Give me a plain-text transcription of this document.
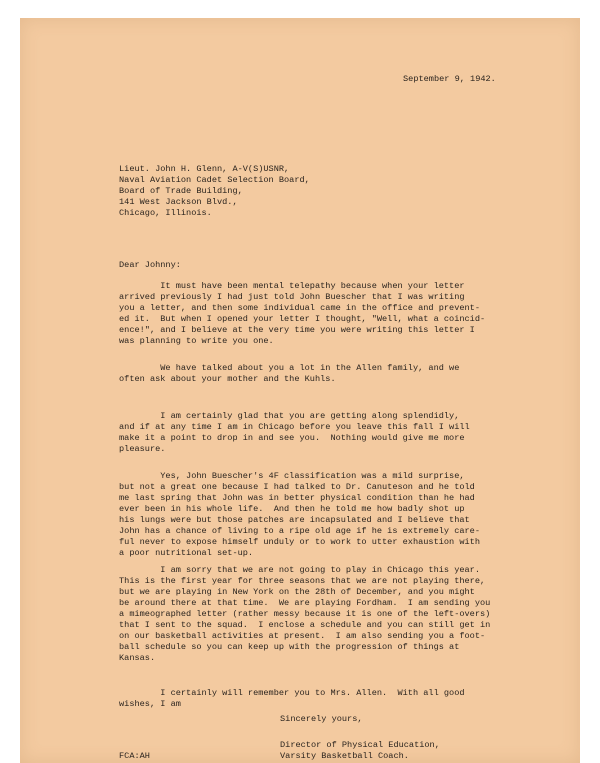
September 9, 1942.

Lieut. John H. Glenn, A-V(S)USNR,
Naval Aviation Cadet Selection Board,
Board of Trade Building,
141 West Jackson Blvd.,
Chicago, Illinois.

Dear Johnny:

It must have been mental telepathy because when your letter
arrived previously I had just told John Buescher that I was writing
you a letter, and then some individual came in the office and prevent-
ed it.  But when I opened your letter I thought, "Well, what a coincid-
ence!", and I believe at the very time you were writing this letter I
was planning to write you one.

We have talked about you a lot in the Allen family, and we
often ask about your mother and the Kuhls.

I am certainly glad that you are getting along splendidly,
and if at any time I am in Chicago before you leave this fall I will
make it a point to drop in and see you.  Nothing would give me more
pleasure.

Yes, John Buescher's 4F classification was a mild surprise,
but not a great one because I had talked to Dr. Canuteson and he told
me last spring that John was in better physical condition than he had
ever been in his whole life.  And then he told me how badly shot up
his lungs were but those patches are incapsulated and I believe that
John has a chance of living to a ripe old age if he is extremely care-
ful never to expose himself unduly or to work to utter exhaustion with
a poor nutritional set-up.

I am sorry that we are not going to play in Chicago this year.
This is the first year for three seasons that we are not playing there,
but we are playing in New York on the 28th of December, and you might
be around there at that time.  We are playing Fordham.  I am sending you
a mimeographed letter (rather messy because it is one of the left-overs)
that I sent to the squad.  I enclose a schedule and you can still get in
on our basketball activities at present.  I am also sending you a foot-
ball schedule so you can keep up with the progression of things at
Kansas.

I certainly will remember you to Mrs. Allen.  With all good
wishes, I am

Sincerely yours,

Director of Physical Education,
Varsity Basketball Coach.

FCA:AH
